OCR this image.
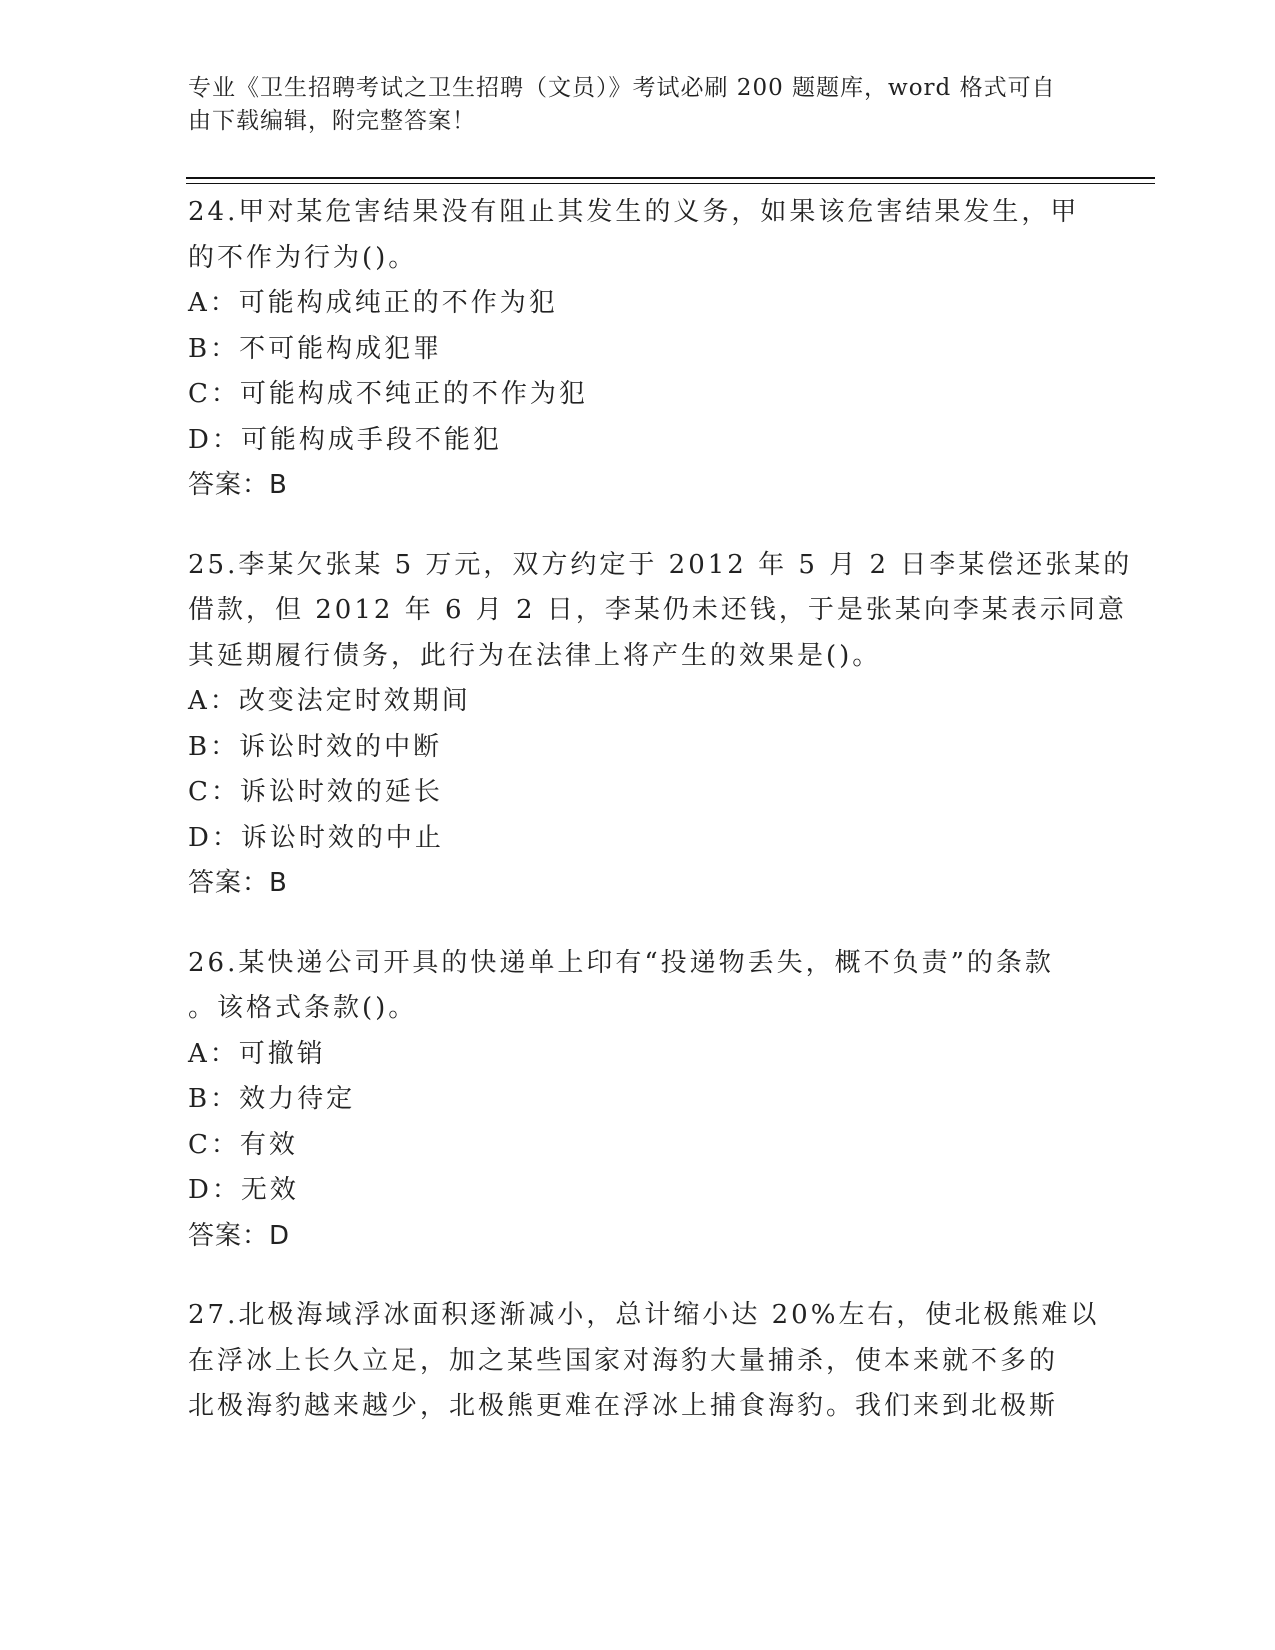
专业《卫生招聘考试之卫生招聘（文员）》考试必刷 200 题题库，word 格式可自
由下载编辑，附完整答案！
24.甲对某危害结果没有阻止其发生的义务，如果该危害结果发生，甲
的不作为行为()。
A：可能构成纯正的不作为犯
B：不可能构成犯罪
C：可能构成不纯正的不作为犯
D：可能构成手段不能犯
答案：B
25.李某欠张某 5 万元，双方约定于 2012 年 5 月 2 日李某偿还张某的
借款，但 2012 年 6 月 2 日，李某仍未还钱，于是张某向李某表示同意
其延期履行债务，此行为在法律上将产生的效果是()。
A：改变法定时效期间
B：诉讼时效的中断
C：诉讼时效的延长
D：诉讼时效的中止
答案：B
26.某快递公司开具的快递单上印有“投递物丢失，概不负责”的条款
。该格式条款()。
A：可撤销
B：效力待定
C：有效
D：无效
答案：D
27.北极海域浮冰面积逐渐减小，总计缩小达 20%左右，使北极熊难以
在浮冰上长久立足，加之某些国家对海豹大量捕杀，使本来就不多的
北极海豹越来越少，北极熊更难在浮冰上捕食海豹。我们来到北极斯
